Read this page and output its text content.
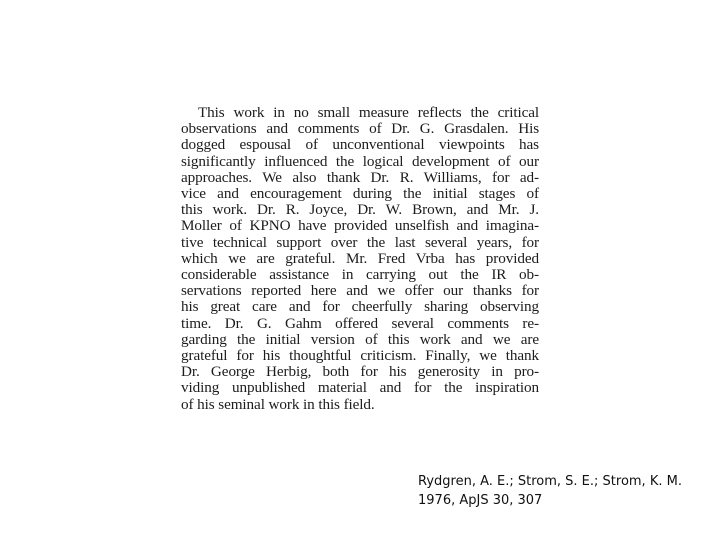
This work in no small measure reflects the critical
observations and comments of Dr. G. Grasdalen. His
dogged espousal of unconventional viewpoints has
significantly influenced the logical development of our
approaches. We also thank Dr. R. Williams, for ad-
vice and encouragement during the initial stages of
this work. Dr. R. Joyce, Dr. W. Brown, and Mr. J.
Moller of KPNO have provided unselfish and imagina-
tive technical support over the last several years, for
which we are grateful. Mr. Fred Vrba has provided
considerable assistance in carrying out the IR ob-
servations reported here and we offer our thanks for
his great care and for cheerfully sharing observing
time. Dr. G. Gahm offered several comments re-
garding the initial version of this work and we are
grateful for his thoughtful criticism. Finally, we thank
Dr. George Herbig, both for his generosity in pro-
viding unpublished material and for the inspiration
of his seminal work in this field.
Rydgren, A. E.; Strom, S. E.; Strom, K. M.
1976, ApJS 30, 307
